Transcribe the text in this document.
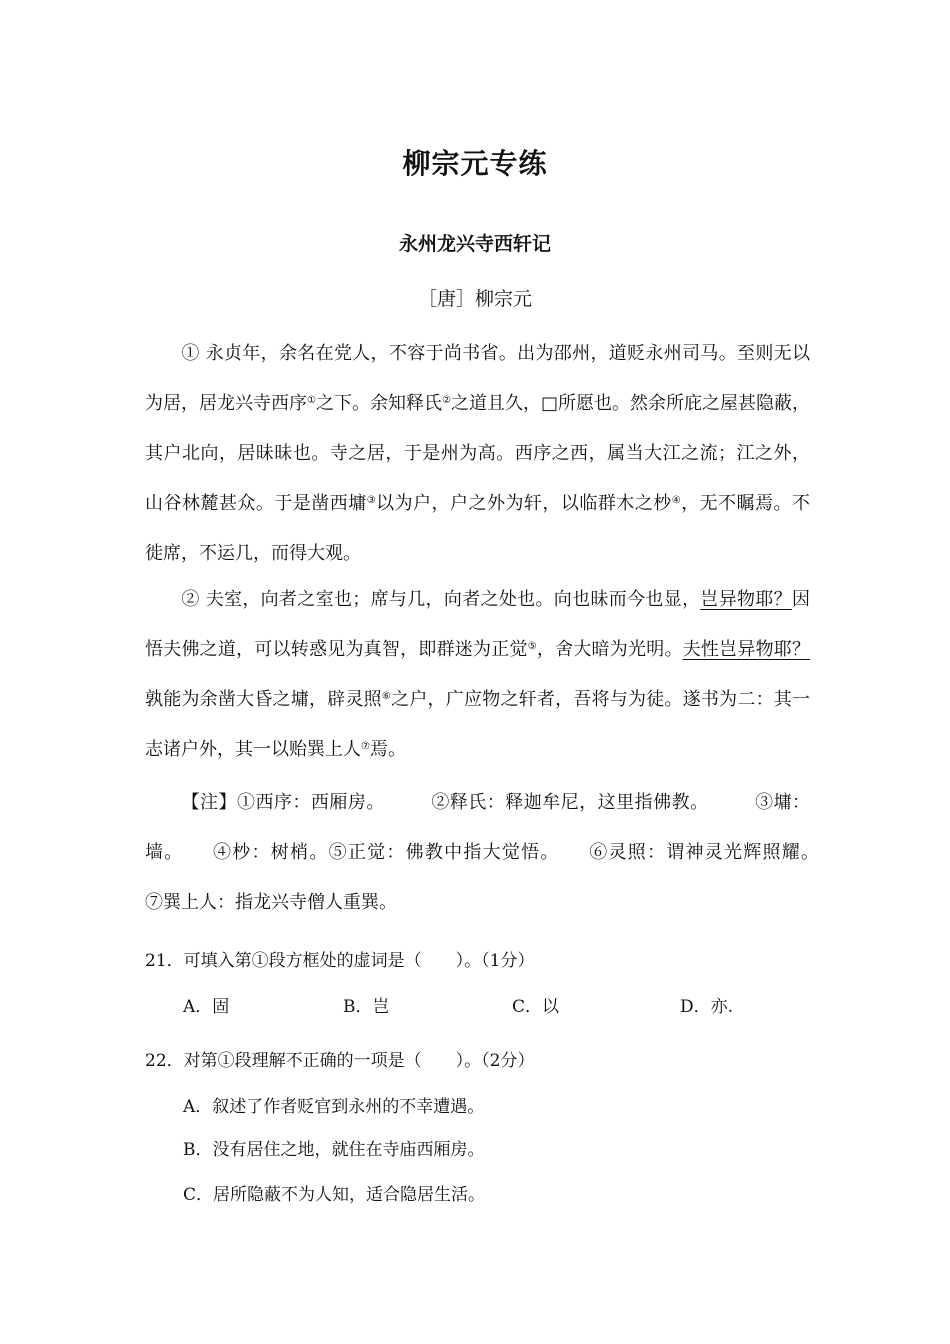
柳宗元专练
永州龙兴寺西轩记
［唐］柳宗元
① 永贞年，余名在党人，不容于尚书省。出为邵州，道贬永州司马。至则无以为居，居龙兴寺西序①之下。余知释氏②之道且久，□所愿也。然余所庇之屋甚隐蔽，其户北向，居昧昧也。寺之居，于是州为高。西序之西，属当大江之流；江之外，山谷林麓甚众。于是凿西墉③以为户，户之外为轩，以临群木之杪④，无不瞩焉。不徙席，不运几，而得大观。
② 夫室，向者之室也；席与几，向者之处也。向也昧而今也显，岂异物耶？因悟夫佛之道，可以转惑见为真智，即群迷为正觉⑤，舍大暗为光明。夫性岂异物耶？孰能为余凿大昏之墉，辟灵照⑥之户，广应物之轩者，吾将与为徒。遂书为二：其一志诸户外，其一以贻巽上人⑦焉。
【注】①西序：西厢房。　　　	②释氏：释迦牟尼，这里指佛教。　　　	③墉：墙。　　 ④杪：树梢。⑤正觉：佛教中指大觉悟。　　 ⑥灵照：谓神灵光辉照耀。　　⑦巽上人：指龙兴寺僧人重巽。
21．可填入第①段方框处的虚词是（　　）。（1分）
A．固	B．岂	C．以	D．亦.
22．对第①段理解不正确的一项是（　　）。（2分）
A．叙述了作者贬官到永州的不幸遭遇。
B．没有居住之地，就住在寺庙西厢房。
C．居所隐蔽不为人知，适合隐居生活。
